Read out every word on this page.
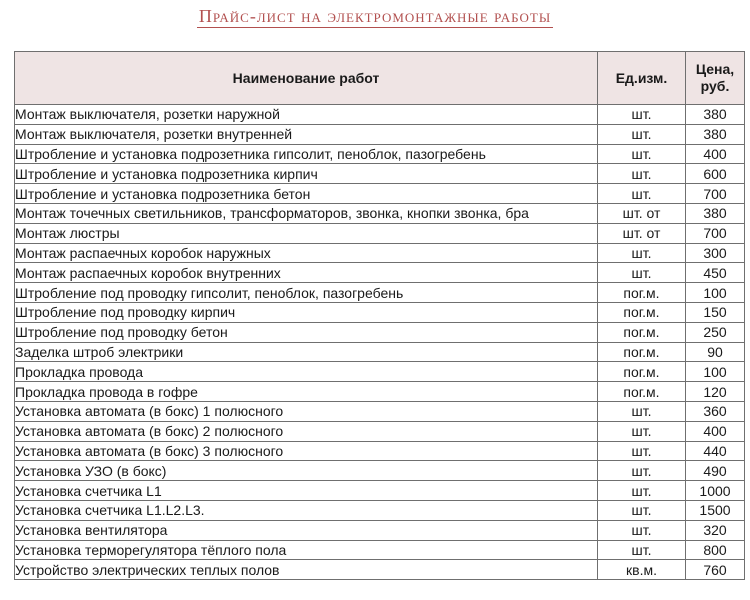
Прайс-лист на электромонтажные работы
Наименование работ	Ед.изм.	Цена,
руб.
Монтаж выключателя, розетки наружной	шт.	380
Монтаж выключателя, розетки внутренней	шт.	380
Штробление и установка подрозетника гипсолит, пеноблок, пазогребень	шт.	400
Штробление и установка подрозетника кирпич	шт.	600
Штробление и установка подрозетника бетон	шт.	700
Монтаж точечных светильников, трансформаторов, звонка, кнопки звонка, бра	шт. от	380
Монтаж люстры	шт. от	700
Монтаж распаечных коробок наружных	шт.	300
Монтаж распаечных коробок внутренних	шт.	450
Штробление под проводку гипсолит, пеноблок, пазогребень	пог.м.	100
Штробление под проводку кирпич	пог.м.	150
Штробление под проводку бетон	пог.м.	250
Заделка штроб электрики	пог.м.	90
Прокладка провода	пог.м.	100
Прокладка провода в гофре	пог.м.	120
Установка автомата (в бокс) 1 полюсного	шт.	360
Установка автомата (в бокс) 2 полюсного	шт.	400
Установка автомата (в бокс) 3 полюсного	шт.	440
Установка УЗО (в бокс)	шт.	490
Установка счетчика L1	шт.	1000
Установка счетчика L1.L2.L3.	шт.	1500
Установка вентилятора	шт.	320
Установка терморегулятора тёплого пола	шт.	800
Устройство электрических теплых полов	кв.м.	760
